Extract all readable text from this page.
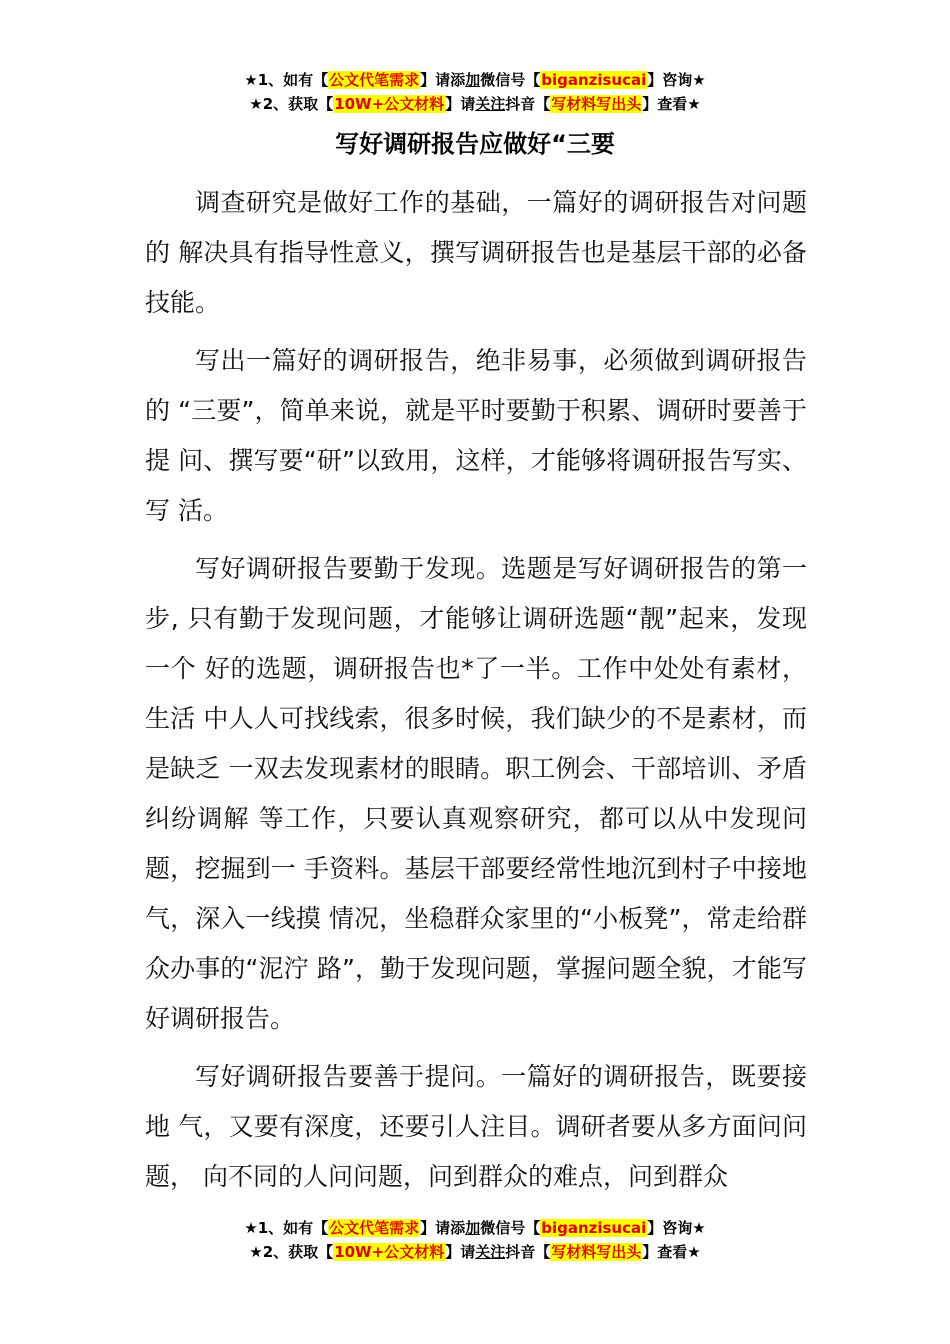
★1、如有【公文代笔需求】请添加微信号【biganzisucai】咨询★
★2、获取【10W+公文材料】请关注抖音【写材料写出头】查看★
写好调研报告应做好“三要

调查研究是做好工作的基础，一篇好的调研报告对问题的 解决具有指导性意义，撰写调研报告也是基层干部的必备技能。

写出一篇好的调研报告，绝非易事，必须做到调研报告的 “三要”，简单来说，就是平时要勤于积累、调研时要善于提 问、撰写要“研”以致用，这样，才能够将调研报告写实、写 活。

写好调研报告要勤于发现。选题是写好调研报告的第一步, 只有勤于发现问题，才能够让调研选题“靓”起来，发现一个 好的选题，调研报告也*了一半。工作中处处有素材，生活 中人人可找线索，很多时候，我们缺少的不是素材，而是缺乏 一双去发现素材的眼睛。职工例会、干部培训、矛盾纠纷调解 等工作，只要认真观察研究，都可以从中发现问题，挖掘到一 手资料。基层干部要经常性地沉到村子中接地气，深入一线摸 情况，坐稳群众家里的“小板凳”，常走给群众办事的“泥泞 路”，勤于发现问题，掌握问题全貌，才能写好调研报告。

写好调研报告要善于提问。一篇好的调研报告，既要接地 气，又要有深度，还要引人注目。调研者要从多方面问问题， 向不同的人问问题，问到群众的难点，问到群众

★1、如有【公文代笔需求】请添加微信号【biganzisucai】咨询★
★2、获取【10W+公文材料】请关注抖音【写材料写出头】查看★
